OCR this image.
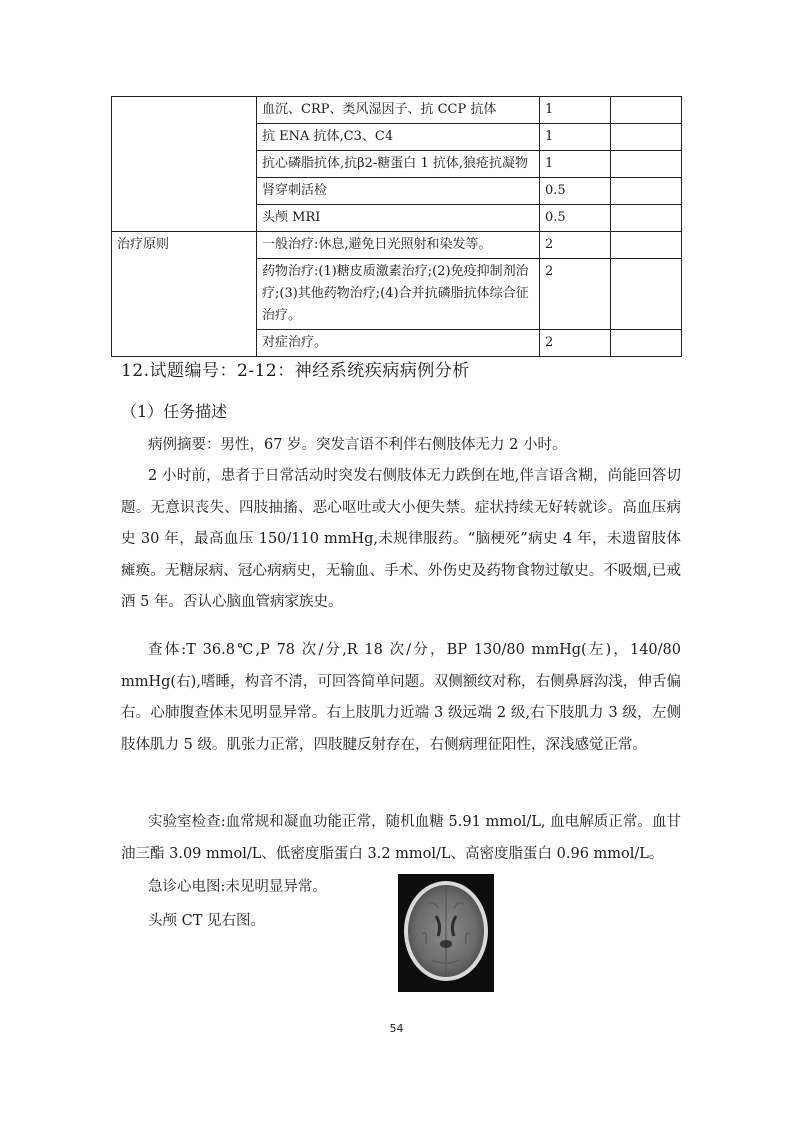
	血沉、CRP、类风湿因子、抗 CCP 抗体	1	
	抗 ENA 抗体,C3、C4	1	
	抗心磷脂抗体,抗β2-糖蛋白 1 抗体,狼疮抗凝物	1	
	肾穿刺活检	0.5	
	头颅 MRI	0.5	
治疗原则	一般治疗:休息,避免日光照射和染发等。	2	
	药物治疗:(1)糖皮质激素治疗;(2)免疫抑制剂治疗;(3)其他药物治疗;(4)合并抗磷脂抗体综合征治疗。	2	
	对症治疗。	2	
12.试题编号：2-12：神经系统疾病病例分析
（1）任务描述
病例摘要：男性，67 岁。突发言语不利伴右侧肢体无力 2 小时。
2 小时前，患者于日常活动时突发右侧肢体无力跌倒在地,伴言语含糊，尚能回答切题。无意识丧失、四肢抽搐、恶心呕吐或大小便失禁。症状持续无好转就诊。高血压病史 30 年，最高血压 150/110 mmHg,未规律服药。“脑梗死”病史 4 年，未遗留肢体瘫痪。无糖尿病、冠心病病史，无输血、手术、外伤史及药物食物过敏史。不吸烟,已戒酒 5 年。否认心脑血管病家族史。
查体:T 36.8℃,P 78 次/分,R 18 次/分，BP 130/80 mmHg(左)，140/80 mmHg(右),嗜睡，构音不清，可回答简单问题。双侧额纹对称，右侧鼻唇沟浅，伸舌偏右。心肺腹查体未见明显异常。右上肢肌力近端 3 级远端 2 级,右下肢肌力 3 级，左侧肢体肌力 5 级。肌张力正常，四肢腱反射存在，右侧病理征阳性，深浅感觉正常。
实验室检查:血常规和凝血功能正常，随机血糖 5.91 mmol/L, 血电解质正常。血甘油三酯 3.09 mmol/L、低密度脂蛋白 3.2 mmol/L、高密度脂蛋白 0.96 mmol/L。
急诊心电图:未见明显异常。
头颅 CT 见右图。
54
